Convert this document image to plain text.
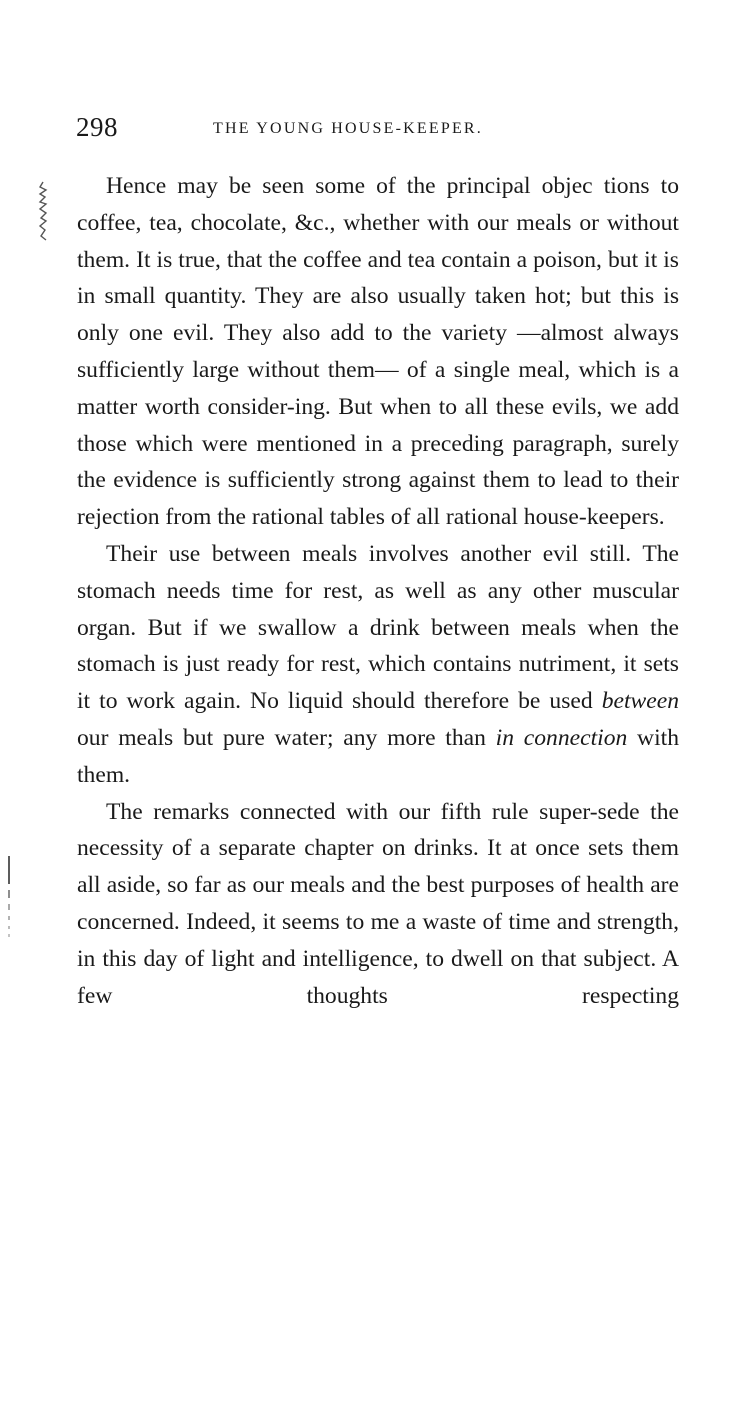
298	THE YOUNG HOUSE-KEEPER.

Hence may be seen some of the principal objec tions to coffee, tea, chocolate, &c., whether with our meals or without them. It is true, that the coffee and tea contain a poison, but it is in small quantity. They are also usually taken hot; but this is only one evil. They also add to the variety —almost always sufficiently large without them— of a single meal, which is a matter worth consider-ing. But when to all these evils, we add those which were mentioned in a preceding paragraph, surely the evidence is sufficiently strong against them to lead to their rejection from the rational tables of all rational house-keepers.

Their use between meals involves another evil still. The stomach needs time for rest, as well as any other muscular organ. But if we swallow a drink between meals when the stomach is just ready for rest, which contains nutriment, it sets it to work again. No liquid should therefore be used between our meals but pure water; any more than in connection with them.

The remarks connected with our fifth rule super-sede the necessity of a separate chapter on drinks. It at once sets them all aside, so far as our meals and the best purposes of health are concerned. Indeed, it seems to me a waste of time and strength, in this day of light and intelligence, to dwell on that subject. A few thoughts respecting
